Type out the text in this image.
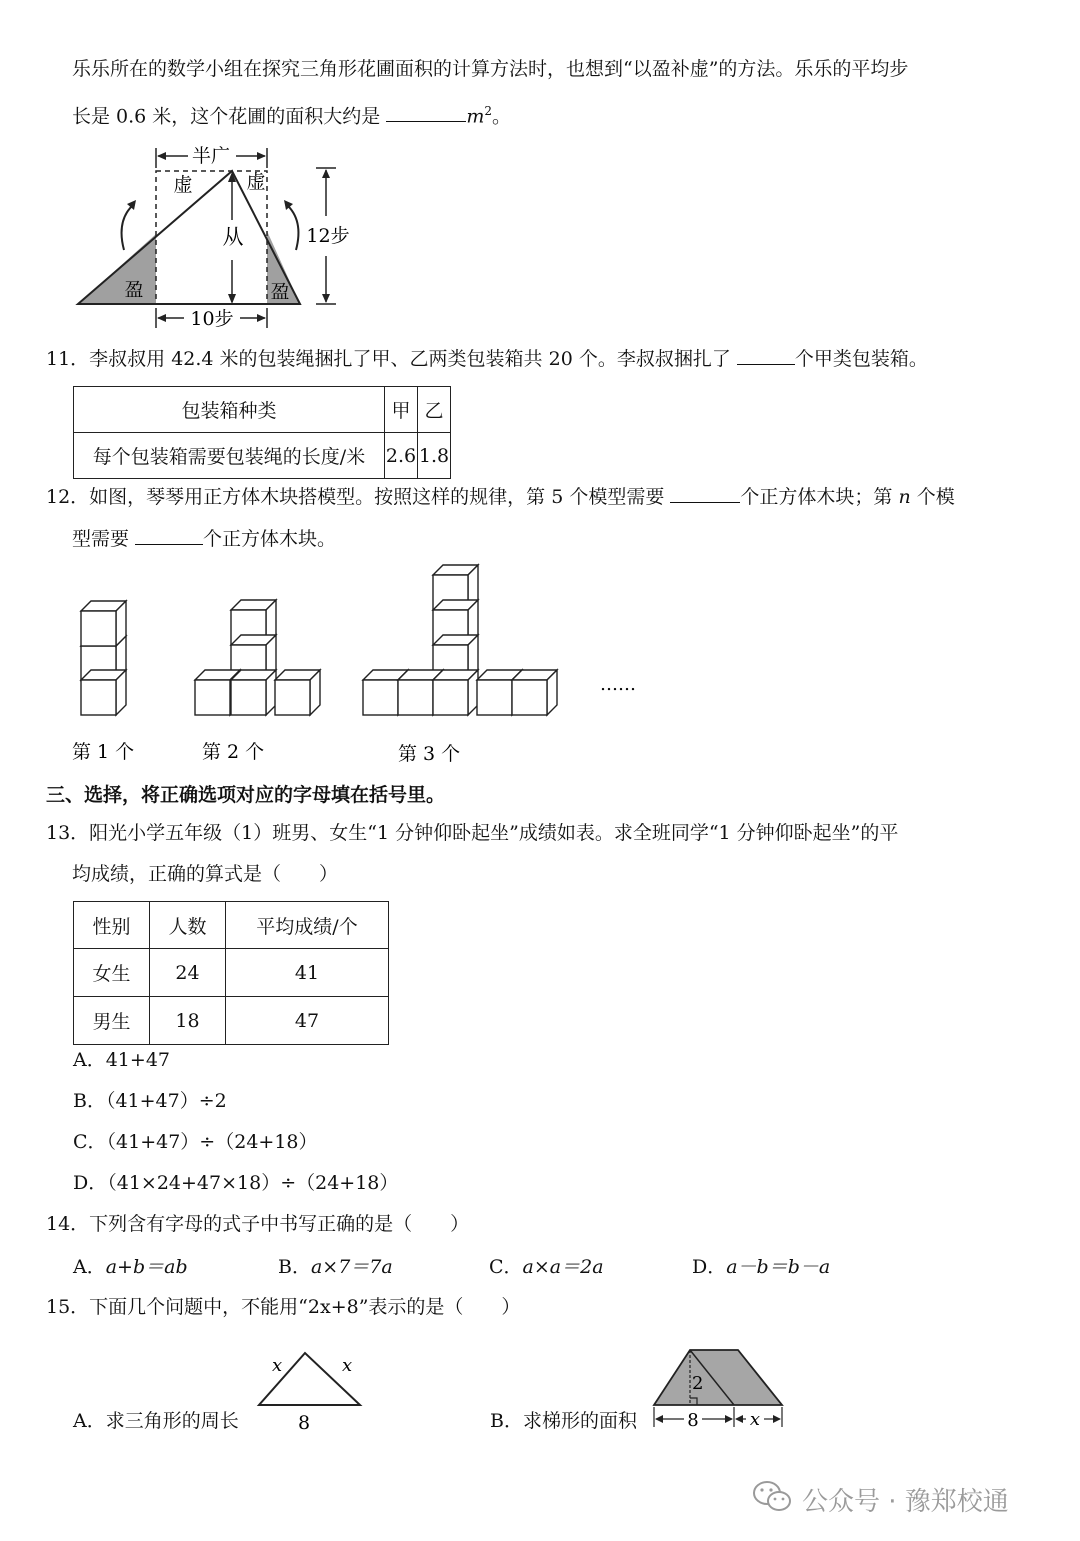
乐乐所在的数学小组在探究三角形花圃面积的计算方法时，也想到“以盈补虚”的方法。乐乐的平均步
长是 0.6 米，这个花圃的面积大约是	$m^2$。
半广
虚	虚
从
盈	盈
12步
10步
11．李叔叔用 42.4 米的包装绳捆扎了甲、乙两类包装箱共 20 个。李叔叔捆扎了	个甲类包装箱。
包装箱种类	甲	乙
每个包装箱需要包装绳的长度/米	2.6	1.8
12．如图，琴琴用正方体木块搭模型。按照这样的规律，第 5 个模型需要	个正方体木块；第 n 个模
型需要	个正方体木块。
……
第 1 个	第 2 个	第 3 个
三、选择，将正确选项对应的字母填在括号里。
13．阳光小学五年级（1）班男、女生“1 分钟仰卧起坐”成绩如表。求全班同学“1 分钟仰卧起坐”的平
均成绩，正确的算式是（　　）
性别	人数	平均成绩/个
女生	24	41
男生	18	47
A．41+47
B．（41+47）÷2
C．（41+47）÷（24+18）
D．（41×24+47×18）÷（24+18）
14．下列含有字母的式子中书写正确的是（　　）
A．a+b＝ab	B．a×7＝7a	C．a×a＝2a	D．a－b＝b－a
15．下面几个问题中，不能用“2x+8”表示的是（　　）
x	x
8
A．求三角形的周长
2
8	x
B．求梯形的面积
公众号 · 豫郑校通
